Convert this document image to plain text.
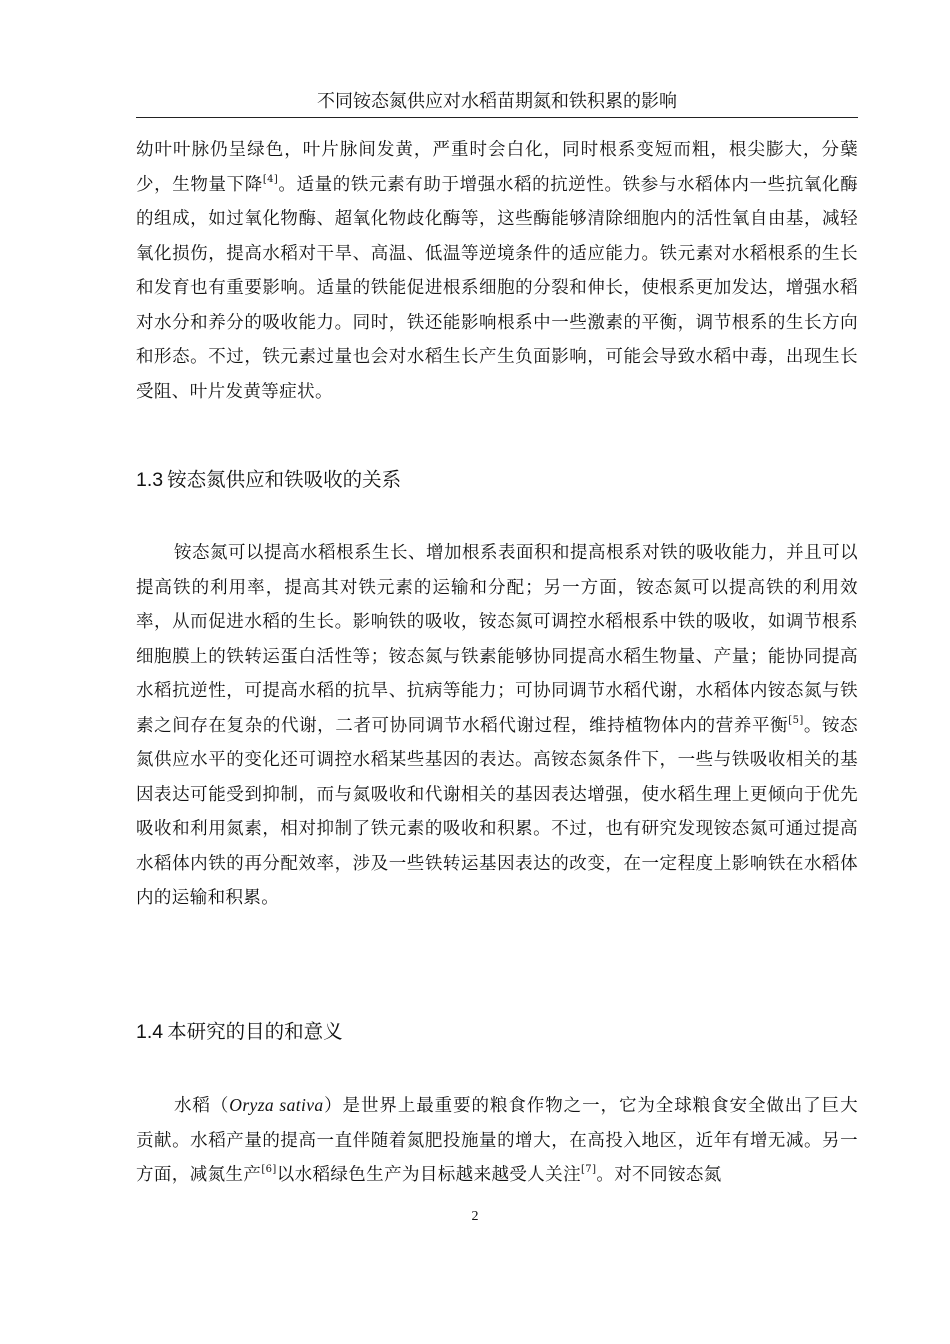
不同铵态氮供应对水稻苗期氮和铁积累的影响

幼叶叶脉仍呈绿色，叶片脉间发黄，严重时会白化，同时根系变短而粗，根尖膨大，分蘖少，生物量下降[4]。适量的铁元素有助于增强水稻的抗逆性。铁参与水稻体内一些抗氧化酶的组成，如过氧化物酶、超氧化物歧化酶等，这些酶能够清除细胞内的活性氧自由基，减轻氧化损伤，提高水稻对干旱、高温、低温等逆境条件的适应能力。铁元素对水稻根系的生长和发育也有重要影响。适量的铁能促进根系细胞的分裂和伸长，使根系更加发达，增强水稻对水分和养分的吸收能力。同时，铁还能影响根系中一些激素的平衡，调节根系的生长方向和形态。不过，铁元素过量也会对水稻生长产生负面影响，可能会导致水稻中毒，出现生长受阻、叶片发黄等症状。

1.3 铵态氮供应和铁吸收的关系

铵态氮可以提高水稻根系生长、增加根系表面积和提高根系对铁的吸收能力，并且可以提高铁的利用率，提高其对铁元素的运输和分配；另一方面，铵态氮可以提高铁的利用效率，从而促进水稻的生长。影响铁的吸收，铵态氮可调控水稻根系中铁的吸收，如调节根系细胞膜上的铁转运蛋白活性等；铵态氮与铁素能够协同提高水稻生物量、产量；能协同提高水稻抗逆性，可提高水稻的抗旱、抗病等能力；可协同调节水稻代谢，水稻体内铵态氮与铁素之间存在复杂的代谢，二者可协同调节水稻代谢过程，维持植物体内的营养平衡[5]。铵态氮供应水平的变化还可调控水稻某些基因的表达。高铵态氮条件下，一些与铁吸收相关的基因表达可能受到抑制，而与氮吸收和代谢相关的基因表达增强，使水稻生理上更倾向于优先吸收和利用氮素，相对抑制了铁元素的吸收和积累。不过，也有研究发现铵态氮可通过提高水稻体内铁的再分配效率，涉及一些铁转运基因表达的改变，在一定程度上影响铁在水稻体内的运输和积累。

1.4 本研究的目的和意义

水稻（Oryza sativa）是世界上最重要的粮食作物之一，它为全球粮食安全做出了巨大贡献。水稻产量的提高一直伴随着氮肥投施量的增大，在高投入地区，近年有增无减。另一方面，减氮生产[6]以水稻绿色生产为目标越来越受人关注[7]。对不同铵态氮

2
